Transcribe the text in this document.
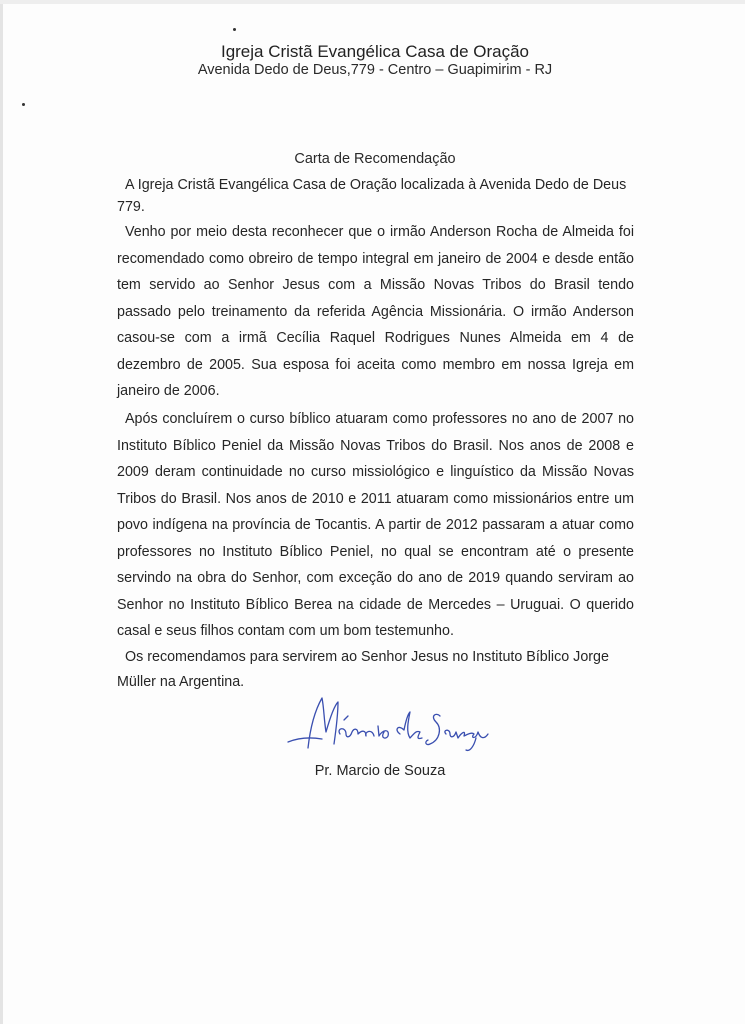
Igreja Cristã Evangélica Casa de Oração
Avenida Dedo de Deus,779 - Centro – Guapimirim - RJ
Carta de Recomendação
A Igreja Cristã Evangélica Casa de Oração localizada à Avenida Dedo de Deus 779.
Venho por meio desta reconhecer que o irmão Anderson Rocha de Almeida foi recomendado como obreiro de tempo integral em janeiro de 2004 e desde então tem servido ao Senhor Jesus com a Missão Novas Tribos do Brasil tendo passado pelo treinamento da referida Agência Missionária. O irmão Anderson casou-se com a irmã Cecília Raquel Rodrigues Nunes Almeida em 4 de dezembro de 2005. Sua esposa foi aceita como membro em nossa Igreja em janeiro de 2006.
Após concluírem o curso bíblico atuaram como professores no ano de 2007 no Instituto Bíblico Peniel da Missão Novas Tribos do Brasil. Nos anos de 2008 e 2009 deram continuidade no curso missiológico e linguístico da Missão Novas Tribos do Brasil. Nos anos de 2010 e 2011 atuaram como missionários entre um povo indígena na província de Tocantis. A partir de 2012 passaram a atuar como professores no Instituto Bíblico Peniel, no qual se encontram até o presente servindo na obra do Senhor, com exceção do ano de 2019 quando serviram ao Senhor no Instituto Bíblico Berea na cidade de Mercedes – Uruguai. O querido casal e seus filhos contam com um bom testemunho.
Os recomendamos para servirem ao Senhor Jesus no Instituto Bíblico Jorge Müller na Argentina.
Pr. Marcio de Souza
